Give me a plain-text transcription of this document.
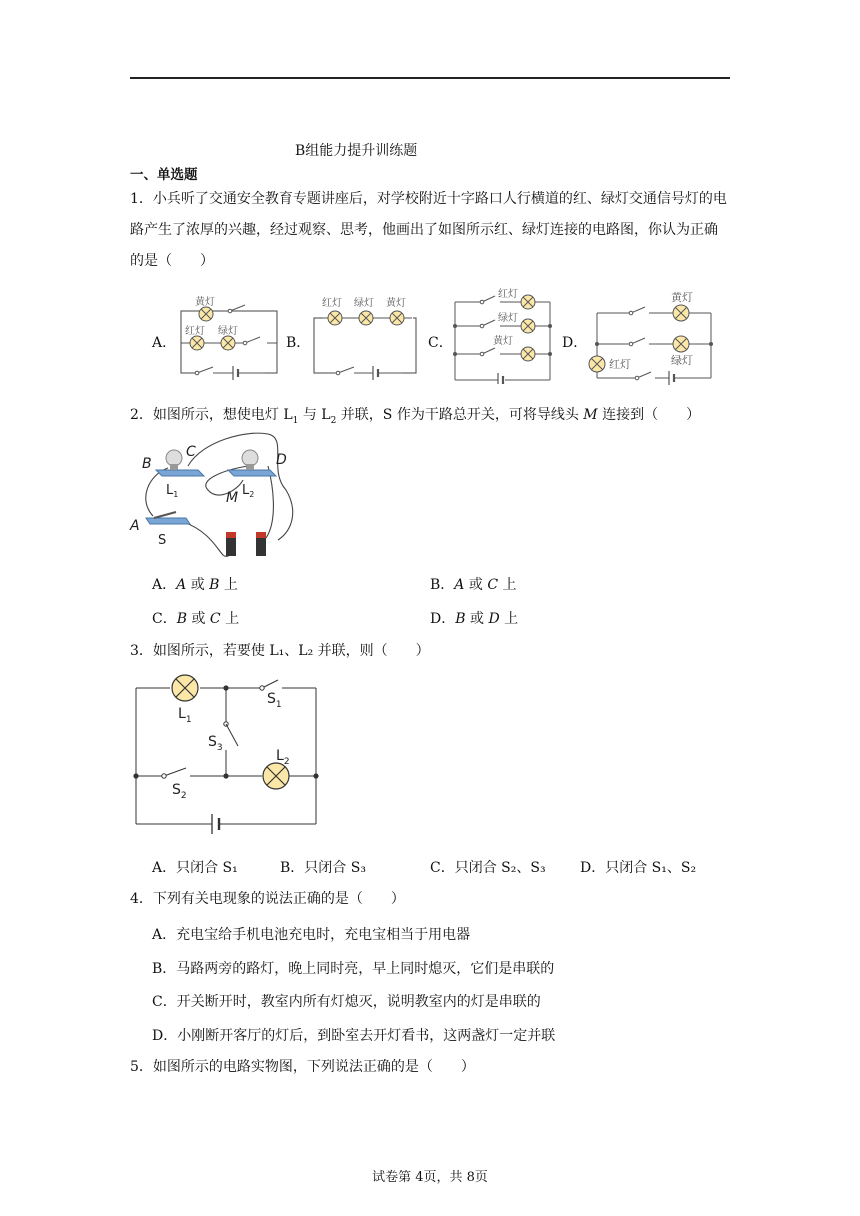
B组能力提升训练题
一、单选题
1．小兵听了交通安全教育专题讲座后，对学校附近十字路口人行横道的红、绿灯交通信号灯的电路产生了浓厚的兴趣，经过观察、思考，他画出了如图所示红、绿灯连接的电路图，你认为正确的是（　　）
A．
黄灯
红灯 绿灯
B．
红灯 绿灯 黄灯
C．
红灯
绿灯
黄灯	D．
黄灯
绿灯
红灯
2．如图所示，想使电灯 $L_1$ 与 $L_2$ 并联，S 作为干路总开关，可将导线头 M 连接到（　　）
B
C	D
M
A
$L_1$	$L_2$
S
A．A 或 B 上	B．A 或 C 上
C．B 或 C 上	D．B 或 D 上
3．如图所示，若要使 L₁、L₂ 并联，则（　　）
$L_1$
$S_1$
$S_3$	$L_2$
$S_2$
A．只闭合 S₁	B．只闭合 S₃	C．只闭合 S₂、S₃ D．只闭合 S₁、S₂
4．下列有关电现象的说法正确的是（　　）
A．充电宝给手机电池充电时，充电宝相当于用电器
B．马路两旁的路灯，晚上同时亮，早上同时熄灭，它们是串联的
C．开关断开时，教室内所有灯熄灭，说明教室内的灯是串联的
D．小刚断开客厅的灯后，到卧室去开灯看书，这两盏灯一定并联
5．如图所示的电路实物图，下列说法正确的是（　　）
试卷第 4页，共 8页
